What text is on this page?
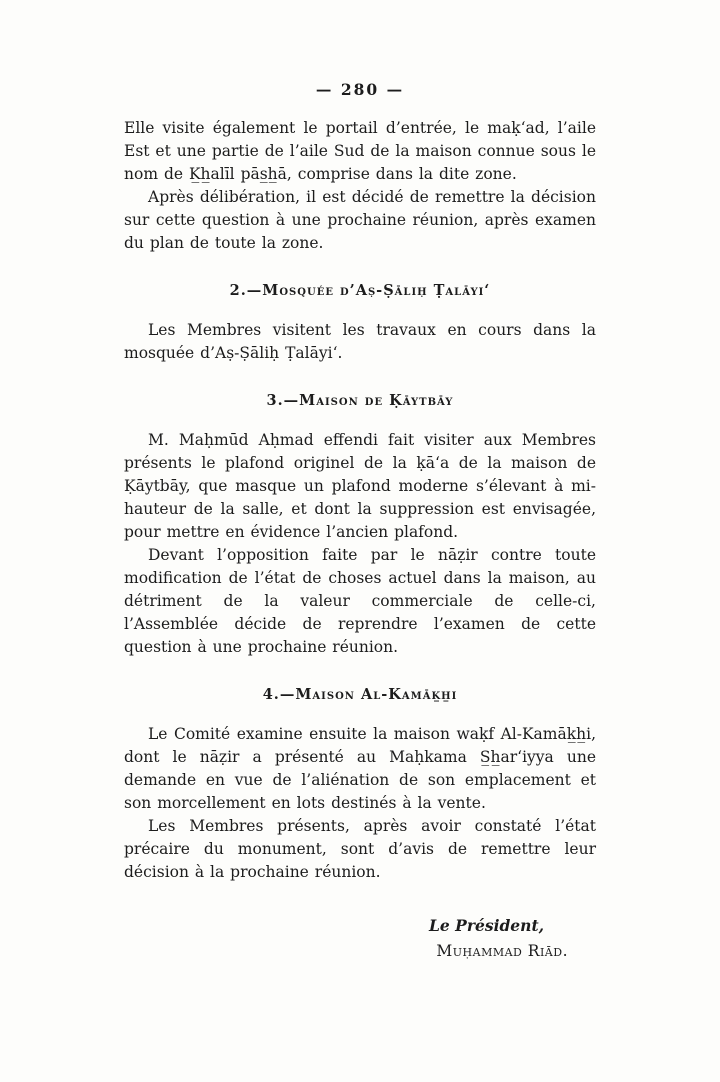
— 280 —

Elle visite également le portail d’entrée, le maḳ‘ad, l’aile Est et une partie de l’aile Sud de la maison connue sous le nom de K̲h̲alīl pās̲h̲ā, comprise dans la dite zone.

Après délibération, il est décidé de remettre la décision sur cette question à une prochaine réunion, après examen du plan de toute la zone.

2.—Mosquée d’Aṣ-Ṣāliḥ Ṭalāyi‘

Les Membres visitent les travaux en cours dans la mosquée d’Aṣ-Ṣāliḥ Ṭalāyi‘.

3.—Maison de Ḳāytbāy

M. Maḥmūd Aḥmad effendi fait visiter aux Membres présents le plafond originel de la ḳā‘a de la maison de Ḳāytbāy, que masque un plafond moderne s’élevant à mi-hauteur de la salle, et dont la suppression est envisagée, pour mettre en évidence l’ancien plafond.

Devant l’opposition faite par le nāẓir contre toute modification de l’état de choses actuel dans la maison, au détriment de la valeur commerciale de celle-ci, l’Assemblée décide de reprendre l’examen de cette question à une prochaine réunion.

4.—Maison Al-Kamāk̲h̲i

Le Comité examine ensuite la maison waḳf Al-Kamāk̲h̲i, dont le nāẓir a présenté au Maḥkama S̲h̲ar‘iyya une demande en vue de l’aliénation de son emplacement et son morcellement en lots destinés à la vente.

Les Membres présents, après avoir constaté l’état précaire du monument, sont d’avis de remettre leur décision à la prochaine réunion.

Le Président,
Muḥammad Riād.
